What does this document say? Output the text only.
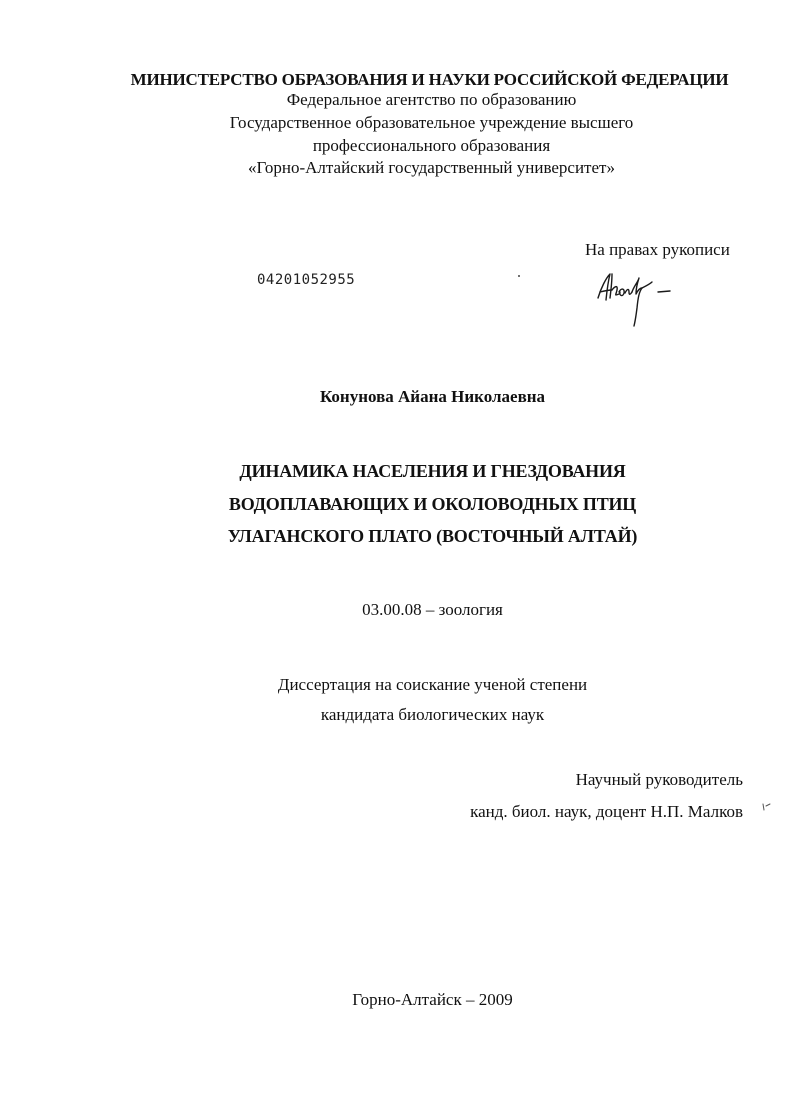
МИНИСТЕРСТВО ОБРАЗОВАНИЯ И НАУКИ РОССИЙСКОЙ ФЕДЕРАЦИИ
Федеральное агентство по образованию
Государственное образовательное учреждение высшего
профессионального образования
«Горно-Алтайский государственный университет»
На правах рукописи
04201052955
Конунова Айана Николаевна
ДИНАМИКА НАСЕЛЕНИЯ И ГНЕЗДОВАНИЯ
ВОДОПЛАВАЮЩИХ И ОКОЛОВОДНЫХ ПТИЦ
УЛАГАНСКОГО ПЛАТО (ВОСТОЧНЫЙ АЛТАЙ)
03.00.08 – зоология
Диссертация на соискание ученой степени
кандидата биологических наук
Научный руководитель
канд. биол. наук, доцент Н.П. Малков
Горно-Алтайск – 2009
